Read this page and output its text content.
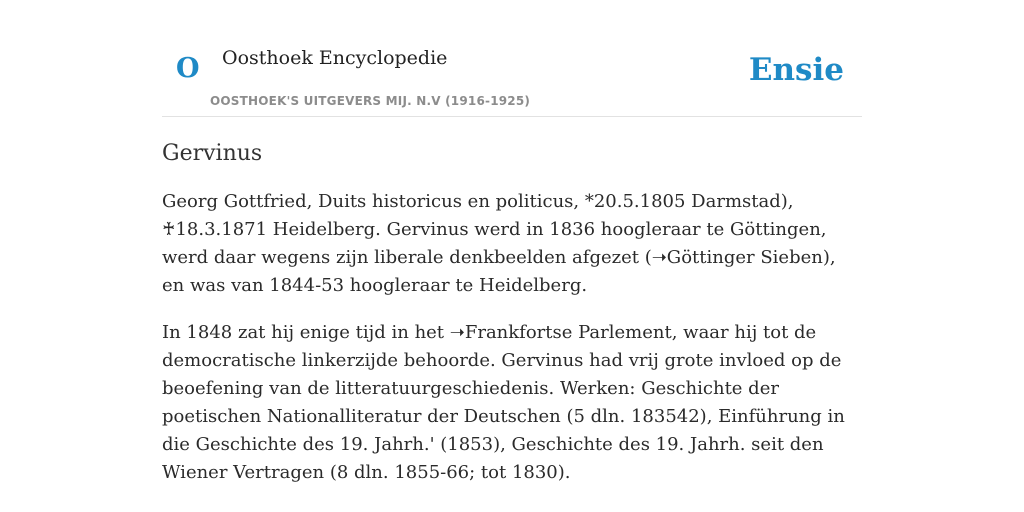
O Oosthoek Encyclopedie
OOSTHOEK'S UITGEVERS MIJ. N.V (1916-1925)
Ensie
Gervinus

Georg Gottfried, Duits historicus en politicus, *20.5.1805 Darmstad), ♰18.3.1871 Heidelberg. Gervinus werd in 1836 hoogleraar te Göttingen, werd daar wegens zijn liberale denkbeelden afgezet (➝Göttinger Sieben), en was van 1844-53 hoogleraar te Heidelberg.

In 1848 zat hij enige tijd in het ➝Frankfortse Parlement, waar hij tot de democratische linkerzijde behoorde. Gervinus had vrij grote invloed op de beoefening van de litteratuurgeschiedenis. Werken: Geschichte der poetischen Nationalliteratur der Deutschen (5 dln. 183542), Einführung in die Geschichte des 19. Jahrh.' (1853), Geschichte des 19. Jahrh. seit den Wiener Vertragen (8 dln. 1855-66; tot 1830).
